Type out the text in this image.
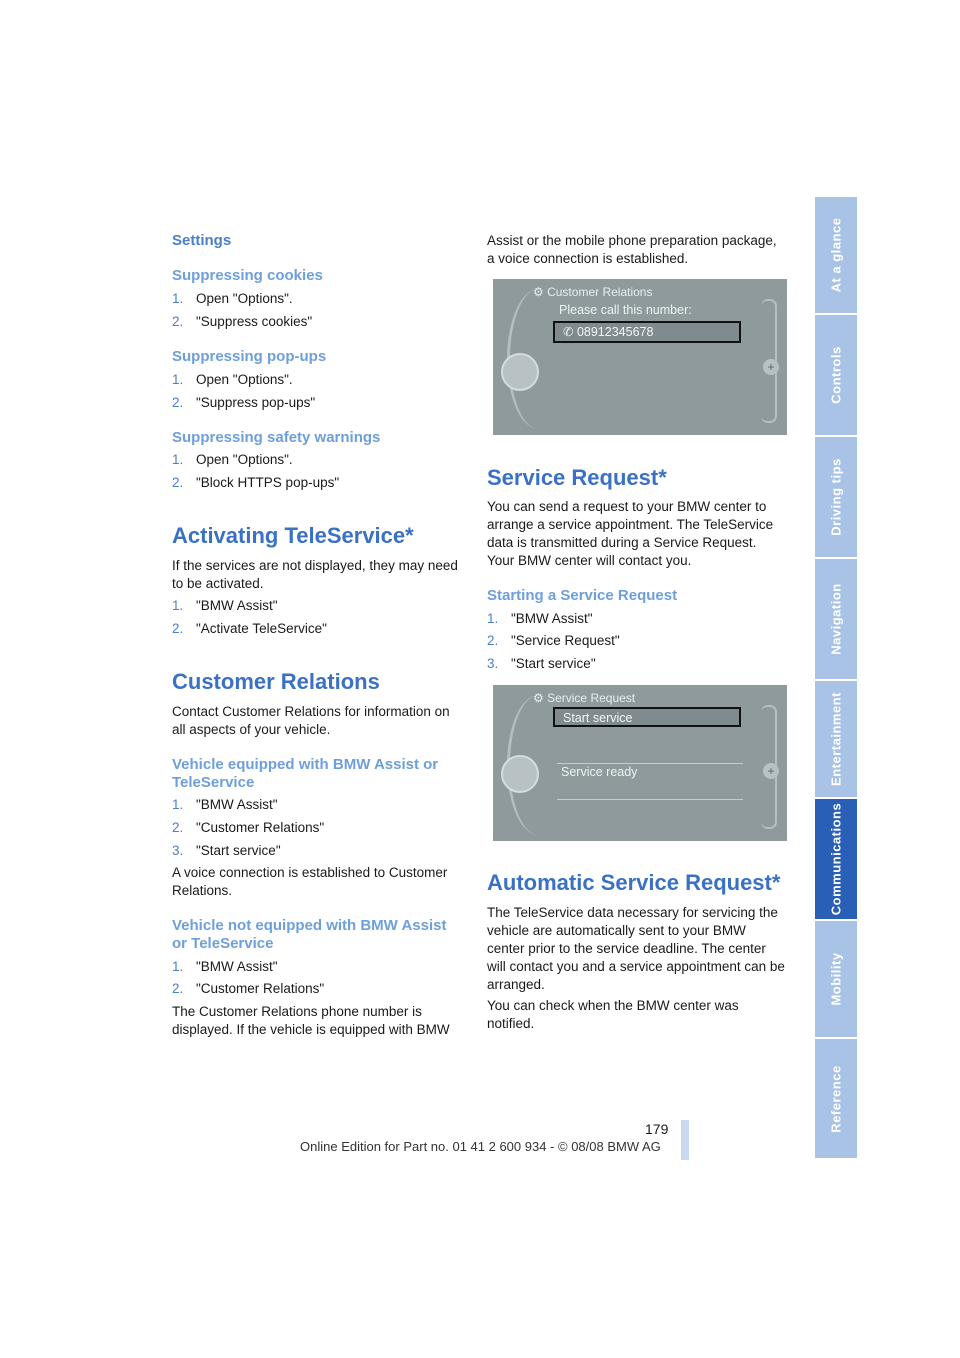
At a glance
Controls
Driving tips
Navigation
Entertainment
Communications
Mobility
Reference
Settings
Suppressing cookies
1. Open "Options".
2. "Suppress cookies"
Suppressing pop-ups
1. Open "Options".
2. "Suppress pop-ups"
Suppressing safety warnings
1. Open "Options".
2. "Block HTTPS pop-ups"
Activating TeleService*
If the services are not displayed, they may need to be activated.
1. "BMW Assist"
2. "Activate TeleService"
Customer Relations
Contact Customer Relations for information on all aspects of your vehicle.
Vehicle equipped with BMW Assist or TeleService
1. "BMW Assist"
2. "Customer Relations"
3. "Start service"
A voice connection is established to Customer Relations.
Vehicle not equipped with BMW Assist or TeleService
1. "BMW Assist"
2. "Customer Relations"
The Customer Relations phone number is displayed. If the vehicle is equipped with BMW
Assist or the mobile phone preparation package, a voice connection is established.
⚙ Customer Relations
Please call this number:
✆ 08912345678
+
Service Request*
You can send a request to your BMW center to arrange a service appointment. The TeleService data is transmitted during a Service Request. Your BMW center will contact you.
Starting a Service Request
1. "BMW Assist"
2. "Service Request"
3. "Start service"
⚙ Service Request
Start service
+
Service ready
Automatic Service Request*
The TeleService data necessary for servicing the vehicle are automatically sent to your BMW center prior to the service deadline. The center will contact you and a service appointment can be arranged.
You can check when the BMW center was notified.
179
Online Edition for Part no. 01 41 2 600 934 - © 08/08 BMW AG
